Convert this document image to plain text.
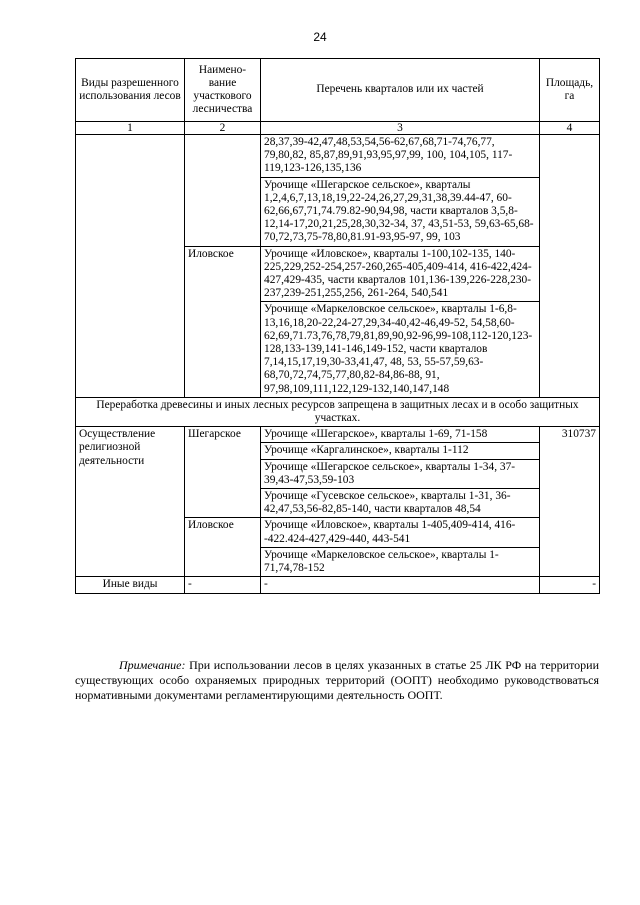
24
Виды разрешенного использования лесов	Наимено-вание участкового лесничества	Перечень кварталов или их частей	Площадь, га
1	2	3	4
		28,37,39-42,47,48,53,54,56-62,67,68,71-74,76,77, 79,80,82, 85,87,89,91,93,95,97,99, 100, 104,105, 117-119,123-126,135,136	
		Урочище «Шегарское сельское», кварталы 1,2,4,6,7,13,18,19,22-24,26,27,29,31,38,39.44-47, 60-62,66,67,71,74.79.82-90,94,98, части кварталов 3,5,8-12,14-17,20,21,25,28,30,32-34, 37, 43,51-53, 59,63-65,68-70,72,73,75-78,80,81.91-93,95-97, 99, 103	
	Иловское	Урочище «Иловское», кварталы 1-100,102-135, 140-225,229,252-254,257-260,265-405,409-414, 416-422,424-427,429-435, части кварталов 101,136-139,226-228,230-237,239-251,255,256, 261-264, 540,541	
		Урочище «Маркеловское сельское», кварталы 1-6,8-13,16,18,20-22,24-27,29,34-40,42-46,49-52, 54,58,60-62,69,71.73,76,78,79,81,89,90,92-96,99-108,112-120,123-128,133-139,141-146,149-152, части кварталов 7,14,15,17,19,30-33,41,47, 48, 53, 55-57,59,63-68,70,72,74,75,77,80,82-84,86-88, 91, 97,98,109,111,122,129-132,140,147,148	
Переработка древесины и иных лесных ресурсов запрещена в защитных лесах и в особо защитных участках.			
Осуществление религиозной деятельности	Шегарское	Урочище «Шегарское», кварталы 1-69, 71-158	310737
		Урочище «Каргалинское», кварталы 1-112	
		Урочище «Шегарское сельское», кварталы 1-34, 37-39,43-47,53,59-103	
		Урочище «Гусевское сельское», кварталы 1-31, 36-42,47,53,56-82,85-140, части кварталов 48,54	
	Иловское	Урочище «Иловское», кварталы 1-405,409-414, 416--422.424-427,429-440, 443-541	
		Урочище «Маркеловское сельское», кварталы 1-71,74,78-152	
Иные виды	-	-	-

Примечание: При использовании лесов в целях указанных в статье 25 ЛК РФ на территории существующих особо охраняемых природных территорий (ООПТ) необходимо руководствоваться нормативными документами регламентирующими деятельность ООПТ.
